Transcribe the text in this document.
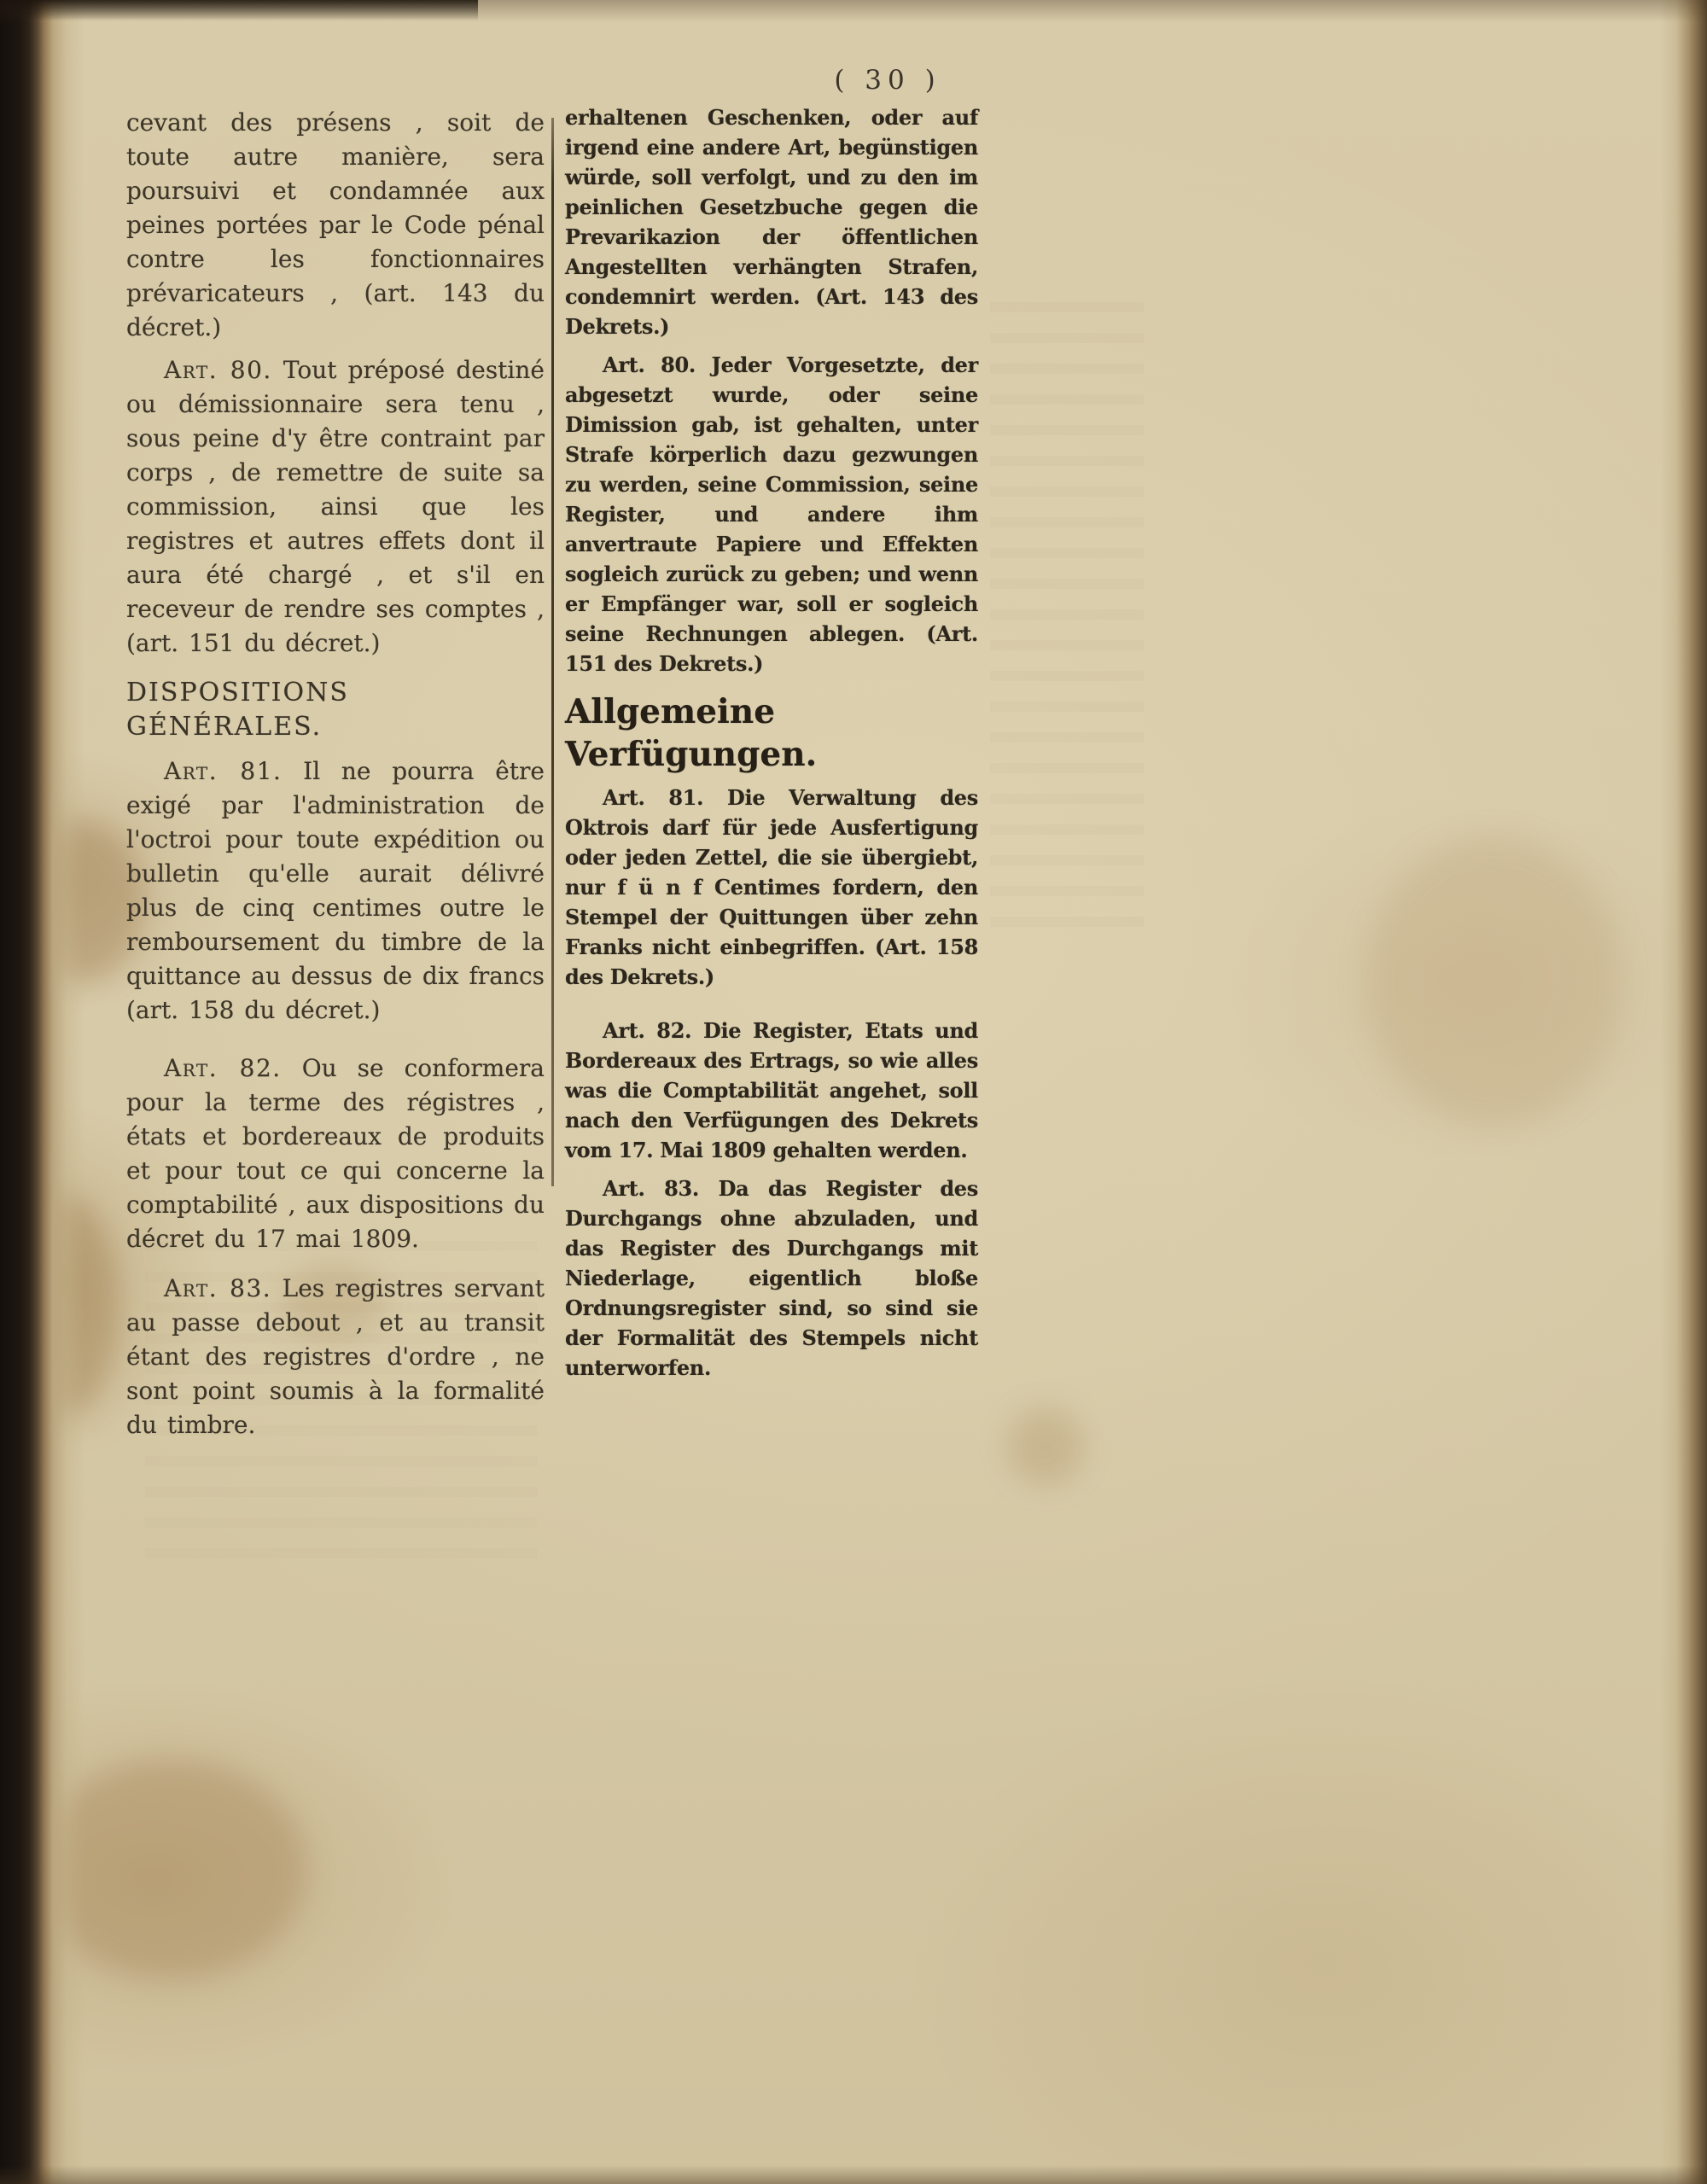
( 30 )

cevant des présens , soit de toute autre manière, sera poursuivi et condamnée aux peines portées par le Code pénal contre les fonctionnaires prévaricateurs , (art. 143 du décret.)

Art. 80. Tout préposé destiné ou démissionnaire sera tenu , sous peine d'y être contraint par corps , de remettre de suite sa commission, ainsi que les registres et autres effets dont il aura été chargé , et s'il en receveur de rendre ses comptes , (art. 151 du décret.)

DISPOSITIONS GÉNÉRALES.

Art. 81. Il ne pourra être exigé par l'administration de l'octroi pour toute expédition ou bulletin qu'elle aurait délivré plus de cinq centimes outre le remboursement du timbre de la quittance au dessus de dix francs (art. 158 du décret.)

Art. 82. Ou se conformera pour la terme des régistres , états et bordereaux de produits et pour tout ce qui concerne la comptabilité , aux dispositions du décret du 17 mai 1809.

Art. 83. Les registres servant au passe debout , et au transit étant des registres d'ordre , ne sont point soumis à la formalité du timbre.

erhaltenen Geschenken, oder auf irgend eine andere Art, begünstigen würde, soll verfolgt, und zu den im peinlichen Gesetzbuche gegen die Prevarikazion der öffentlichen Angestellten verhängten Strafen, condemnirt werden. (Art. 143 des Dekrets.)

Art. 80. Jeder Vorgesetzte, der abgesetzt wurde, oder seine Dimission gab, ist gehalten, unter Strafe körperlich dazu gezwungen zu werden, seine Commission, seine Register, und andere ihm anvertraute Papiere und Effekten sogleich zurück zu geben; und wenn er Empfänger war, soll er sogleich seine Rechnungen ablegen. (Art. 151 des Dekrets.)

Allgemeine Verfügungen.

Art. 81. Die Verwaltung des Oktrois darf für jede Ausfertigung oder jeden Zettel, die sie übergiebt, nur f ü n f Centimes fordern, den Stempel der Quittungen über zehn Franks nicht einbegriffen. (Art. 158 des Dekrets.)

Art. 82. Die Register, Etats und Bordereaux des Ertrags, so wie alles was die Comptabilität angehet, soll nach den Verfügungen des Dekrets vom 17. Mai 1809 gehalten werden.

Art. 83. Da das Register des Durchgangs ohne abzuladen, und das Register des Durchgangs mit Niederlage, eigentlich bloße Ordnungsregister sind, so sind sie der Formalität des Stempels nicht unterworfen.
